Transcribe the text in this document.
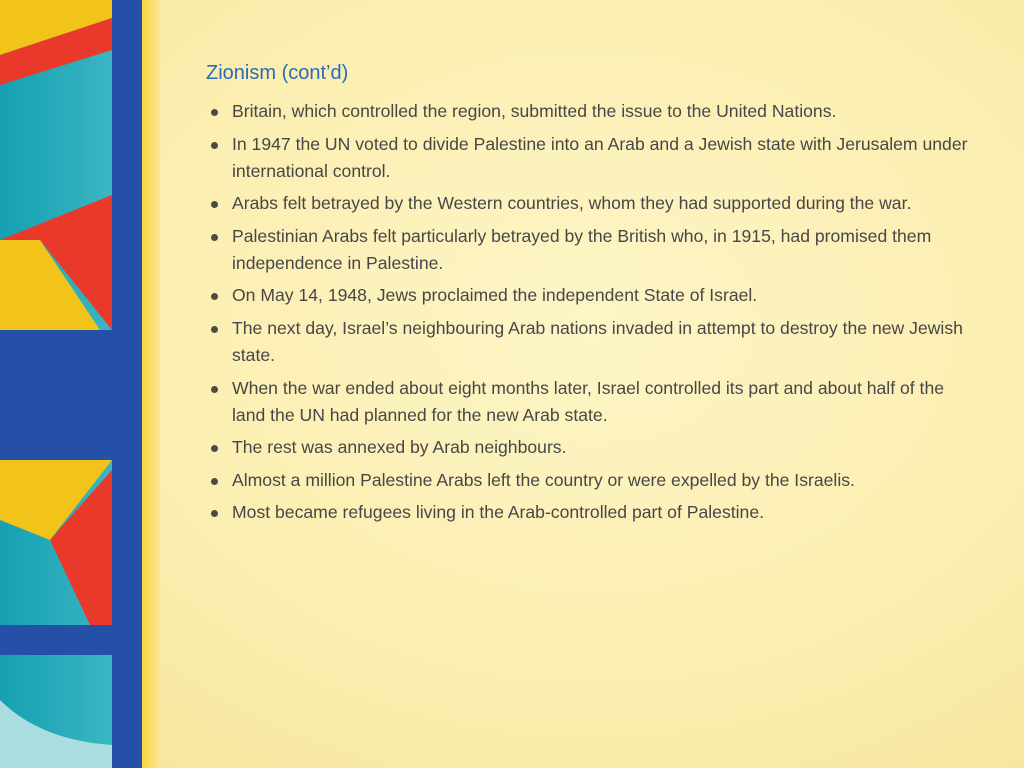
Zionism (cont’d)
Britain, which controlled the region, submitted the issue to the United Nations.
In 1947 the UN voted to divide Palestine into an Arab and a Jewish state with Jerusalem under international control.
Arabs felt betrayed by the Western countries, whom they had supported during the war.
Palestinian Arabs felt particularly betrayed by the British who, in 1915, had promised them independence in Palestine.
On May 14, 1948, Jews proclaimed the independent State of Israel.
The next day, Israel’s neighbouring Arab nations invaded in attempt to destroy the new Jewish state.
When the war ended about eight months later, Israel controlled its part and about half of the land the UN had planned for the new Arab state.
The rest was annexed by Arab neighbours.
Almost a million Palestine Arabs left the country or were expelled by the Israelis.
Most became refugees living in the Arab-controlled part of Palestine.
